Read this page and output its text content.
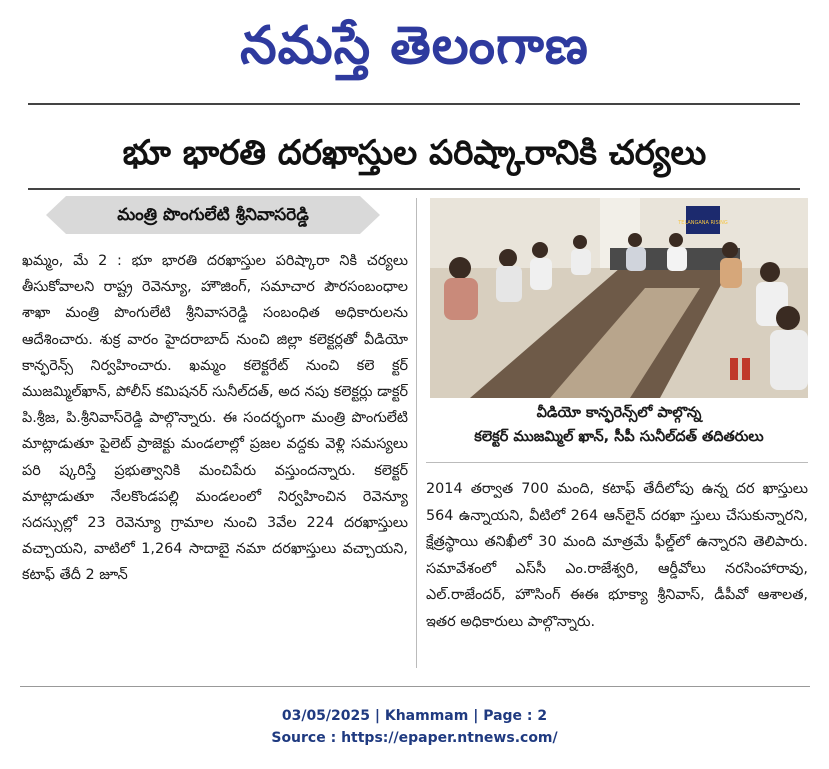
నమస్తే తెలంగాణ
భూ భారతి దరఖాస్తుల పరిష్కారానికి చర్యలు
మంత్రి పొంగులేటి శ్రీనివాసరెడ్డి

ఖమ్మం, మే 2 : భూ భారతి దరఖాస్తుల పరిష్కారా నికి చర్యలు తీసుకోవాలని రాష్ట్ర రెవెన్యూ, హౌజింగ్, సమాచార పౌరసంబంధాల శాఖా మంత్రి పొంగులేటి శ్రీనివాసరెడ్డి సంబంధిత అధికారులను ఆదేశించారు. శుక్ర వారం హైదరాబాద్ నుంచి జిల్లా కలెక్టర్లతో వీడియో కాన్ఫరెన్స్ నిర్వహించారు. ఖమ్మం కలెక్టరేట్ నుంచి కలె క్టర్ ముజమ్మిల్‌ఖాన్, పోలీస్ కమిషనర్ సునీల్‌దత్, అద నపు కలెక్టర్లు డాక్టర్ పి.శ్రీజ, పి.శ్రీనివాస్‌రెడ్డి పాల్గొన్నారు. ఈ సందర్భంగా మంత్రి పొంగులేటి మాట్లాడుతూ పైలెట్ ప్రాజెక్టు మండలాల్లో ప్రజల వద్దకు వెళ్లి సమస్యలు పరి ష్కరిస్తే ప్రభుత్వానికి మంచిపేరు వస్తుందన్నారు. కలెక్టర్ మాట్లాడుతూ నేలకొండపల్లి మండలంలో నిర్వహించిన రెవెన్యూ సదస్సుల్లో 23 రెవెన్యూ గ్రామాల నుంచి 3వేల 224 దరఖాస్తులు వచ్చాయని, వాటిలో 1,264 సాదాబై నమా దరఖాస్తులు వచ్చాయని, కటాఫ్ తేదీ 2 జూన్

TELANGANA RISING
వీడియో కాన్ఫరెన్స్‌లో పాల్గొన్న
కలెక్టర్ ముజమ్మిల్ ఖాన్, సీపీ సునీల్‌దత్ తదితరులు

2014 తర్వాత 700 మంది, కటాఫ్ తేదీలోపు ఉన్న దర ఖాస్తులు 564 ఉన్నాయని, వీటిలో 264 ఆన్‌లైన్ దరఖా స్తులు చేసుకున్నారని, క్షేత్రస్థాయి తనిఖీలో 30 మంది మాత్రమే ఫీల్డ్‌లో ఉన్నారని తెలిపారు. సమావేశంలో ఎస్‌సీ ఎం.రాజేశ్వరి, ఆర్డీవోలు నరసింహారావు, ఎల్.రాజేందర్, హౌసింగ్ ఈఈ భూక్యా శ్రీనివాస్, డీపీవో ఆశాలత, ఇతర అధికారులు పాల్గొన్నారు.

03/05/2025 | Khammam | Page : 2
Source : https://epaper.ntnews.com/
